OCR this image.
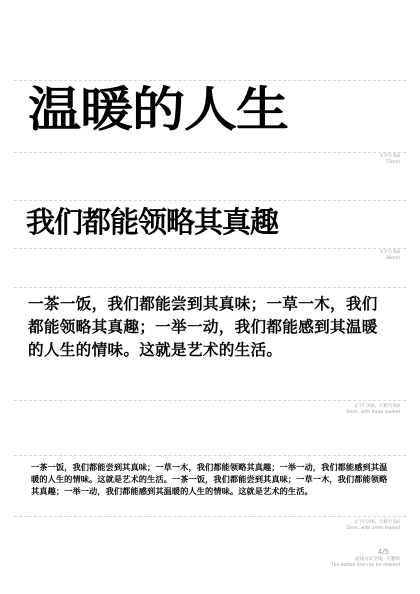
温暖的人生
文字行高6
72mm
我们都能领略其真趣
文字行高6
36mm
一茶一饭，我们都能尝到其真味；一草一木，我们都能领略其真趣；一举一动，我们都能感到其温暖的人生的情味。这就是艺术的生活。
文字行高6，行距行高6
5mm, with 6mm leaded
一茶一饭，我们都能尝到其真味；一草一木，我们都能领略其真趣；一举一动，我们都能感到其温暖的人生的情味。这就是艺术的生活。一茶一饭，我们都能尝到其真味；一草一木，我们都能领略其真趣；一举一动，我们都能感到其温暖的人生的情味。这就是艺术的生活。
文字行高6，行距行高6
5mm, with 3mm leaded
4/5
虚线为安全线，可删除
The dotted line can be deleted
